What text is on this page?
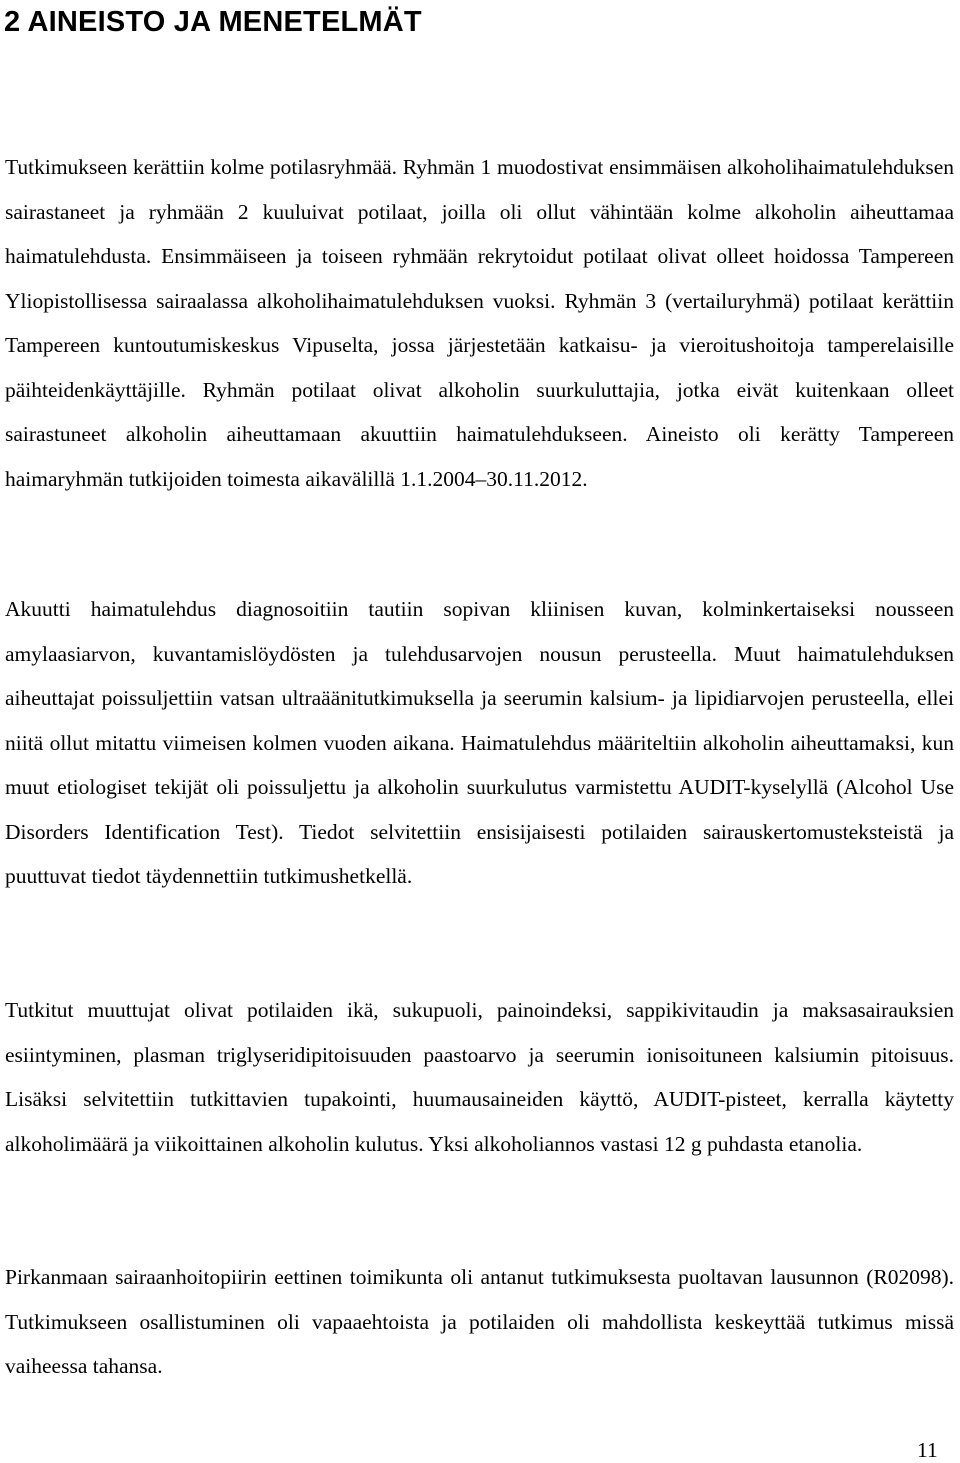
2 AINEISTO JA MENETELMÄT

Tutkimukseen kerättiin kolme potilasryhmää. Ryhmän 1 muodostivat ensimmäisen alkoholihaimatulehduksen sairastaneet ja ryhmään 2 kuuluivat potilaat, joilla oli ollut vähintään kolme alkoholin aiheuttamaa haimatulehdusta. Ensimmäiseen ja toiseen ryhmään rekrytoidut potilaat olivat olleet hoidossa Tampereen Yliopistollisessa sairaalassa alkoholihaimatulehduksen vuoksi. Ryhmän 3 (vertailuryhmä) potilaat kerättiin Tampereen kuntoutumiskeskus Vipuselta, jossa järjestetään katkaisu- ja vieroitushoitoja tamperelaisille päihteidenkäyttäjille. Ryhmän potilaat olivat alkoholin suurkuluttajia, jotka eivät kuitenkaan olleet sairastuneet alkoholin aiheuttamaan akuuttiin haimatulehdukseen. Aineisto oli kerätty Tampereen haimaryhmän tutkijoiden toimesta aikavälillä 1.1.2004–30.11.2012.

Akuutti haimatulehdus diagnosoitiin tautiin sopivan kliinisen kuvan, kolminkertaiseksi nousseen amylaasiarvon, kuvantamislöydösten ja tulehdusarvojen nousun perusteella. Muut haimatulehduksen aiheuttajat poissuljettiin vatsan ultraäänitutkimuksella ja seerumin kalsium- ja lipidiarvojen perusteella, ellei niitä ollut mitattu viimeisen kolmen vuoden aikana. Haimatulehdus määriteltiin alkoholin aiheuttamaksi, kun muut etiologiset tekijät oli poissuljettu ja alkoholin suurkulutus varmistettu AUDIT-kyselyllä (Alcohol Use Disorders Identification Test). Tiedot selvitettiin ensisijaisesti potilaiden sairauskertomusteksteistä ja puuttuvat tiedot täydennettiin tutkimushetkellä.

Tutkitut muuttujat olivat potilaiden ikä, sukupuoli, painoindeksi, sappikivitaudin ja maksasairauksien esiintyminen, plasman triglyseridipitoisuuden paastoarvo ja seerumin ionisoituneen kalsiumin pitoisuus. Lisäksi selvitettiin tutkittavien tupakointi, huumausaineiden käyttö, AUDIT-pisteet, kerralla käytetty alkoholimäärä ja viikoittainen alkoholin kulutus. Yksi alkoholiannos vastasi 12 g puhdasta etanolia.

Pirkanmaan sairaanhoitopiirin eettinen toimikunta oli antanut tutkimuksesta puoltavan lausunnon (R02098). Tutkimukseen osallistuminen oli vapaaehtoista ja potilaiden oli mahdollista keskeyttää tutkimus missä vaiheessa tahansa.

11
